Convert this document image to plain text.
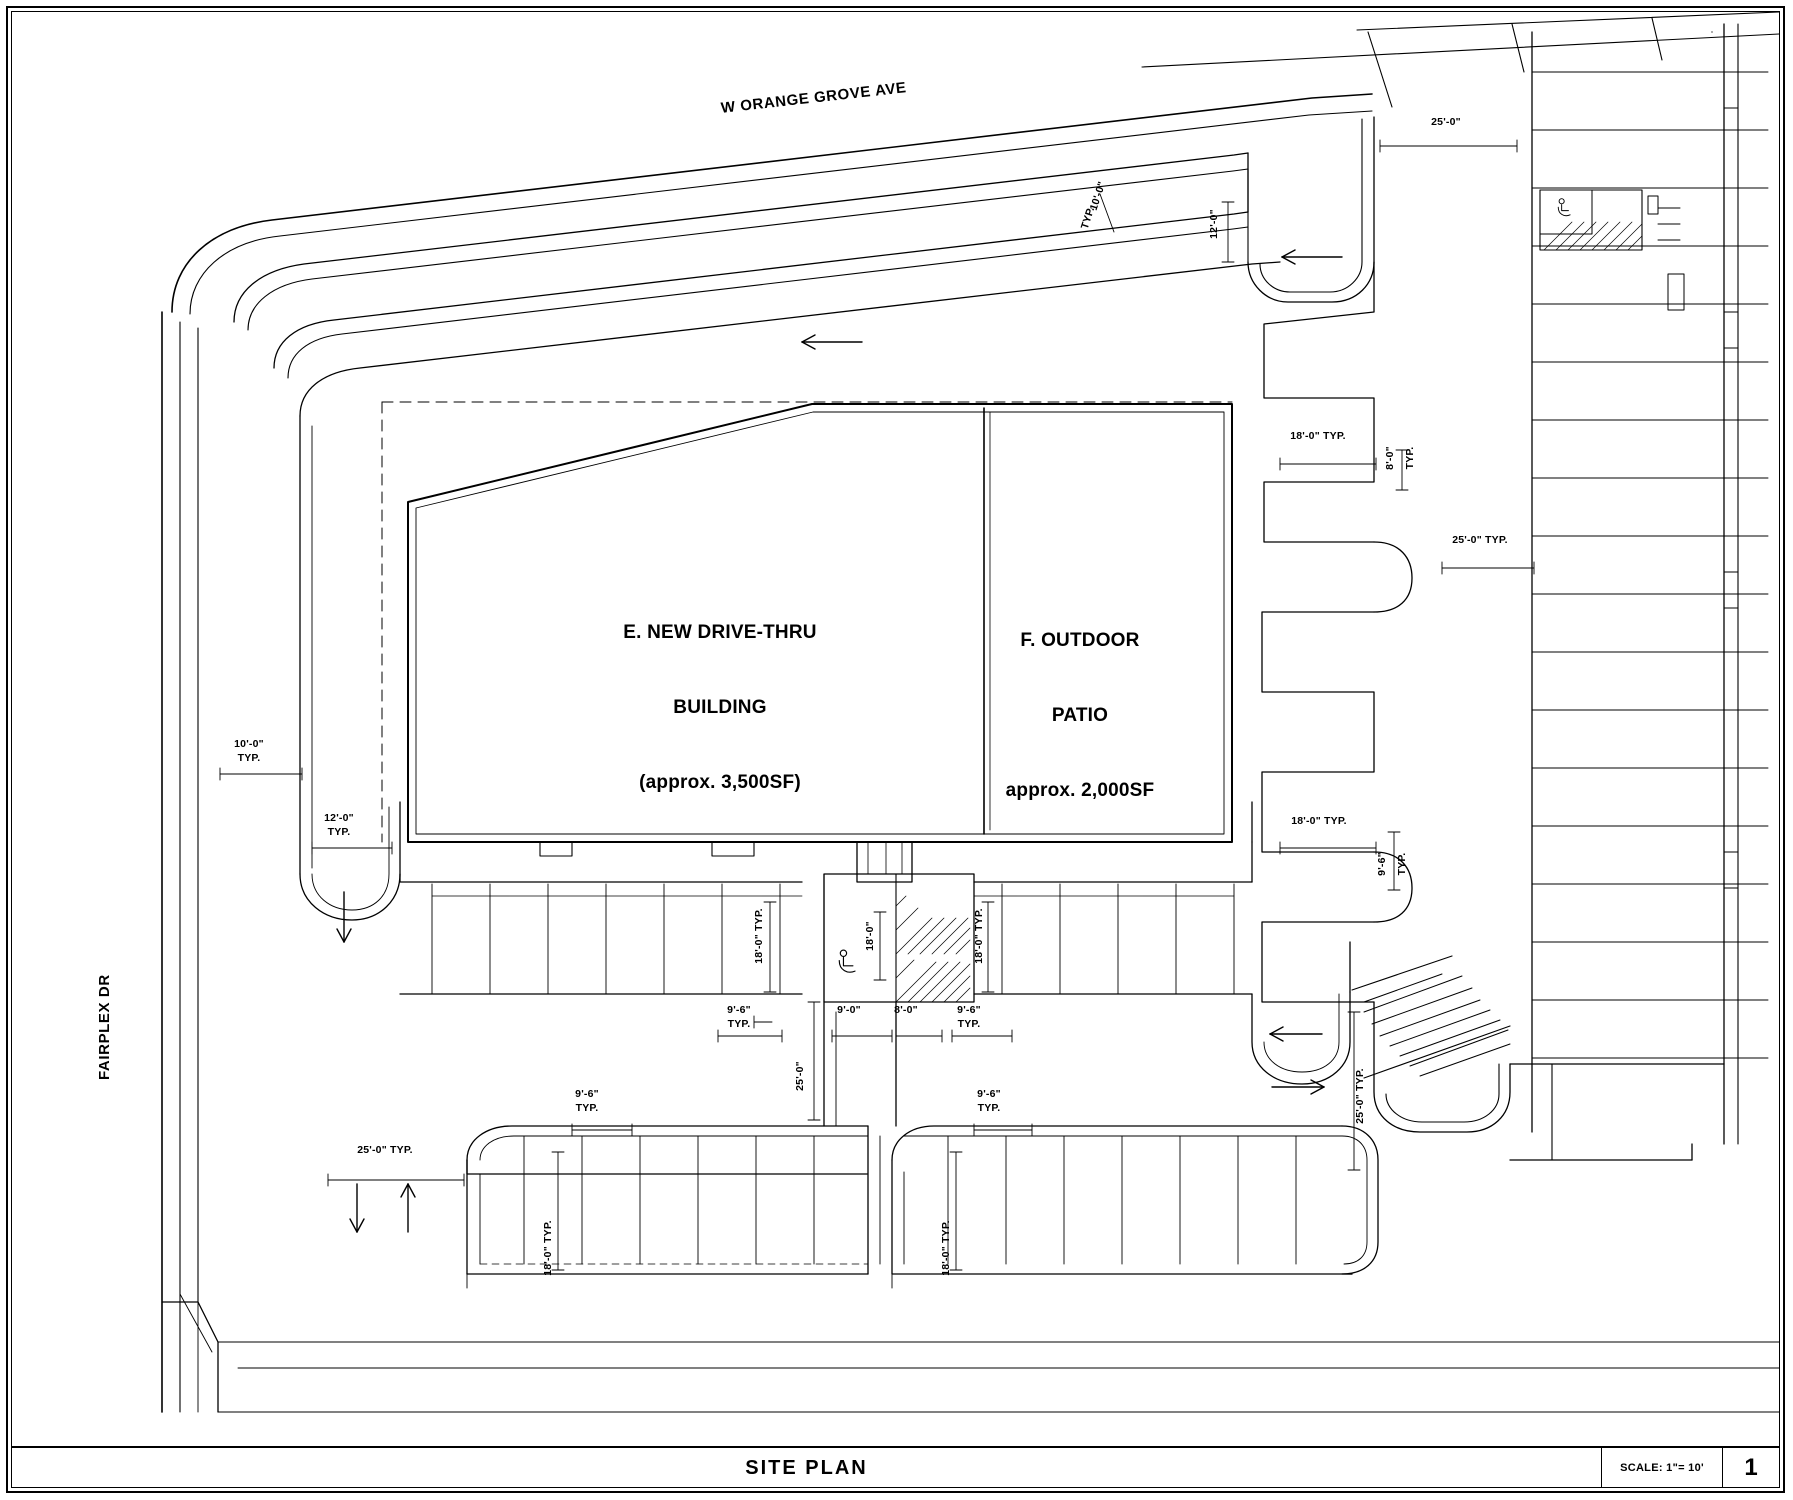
W ORANGE GROVE AVE
FAIRPLEX DR

E. NEW DRIVE-THRU

BUILDING

(approx. 3,500SF)

F. OUTDOOR

PATIO

approx. 2,000SF

25'-0"
10'-0"
TYP.	12'-0"
18'-0" TYP.
8'-0" TYP.
25'-0" TYP.
18'-0" TYP.
9'-6" TYP.
10'-0"
TYP.
12'-0"
TYP.
18'-0" TYP.	18'-0"	18'-0" TYP.
9'-6"
TYP.
9'-0"	8'-0"	9'-6"
TYP.
25'-0"
25'-0" TYP.
9'-6"
TYP.
9'-6"
TYP.
18'-0" TYP.	18'-0" TYP.
25'-0" TYP.
SITE PLAN	SCALE: 1"= 10'	1
